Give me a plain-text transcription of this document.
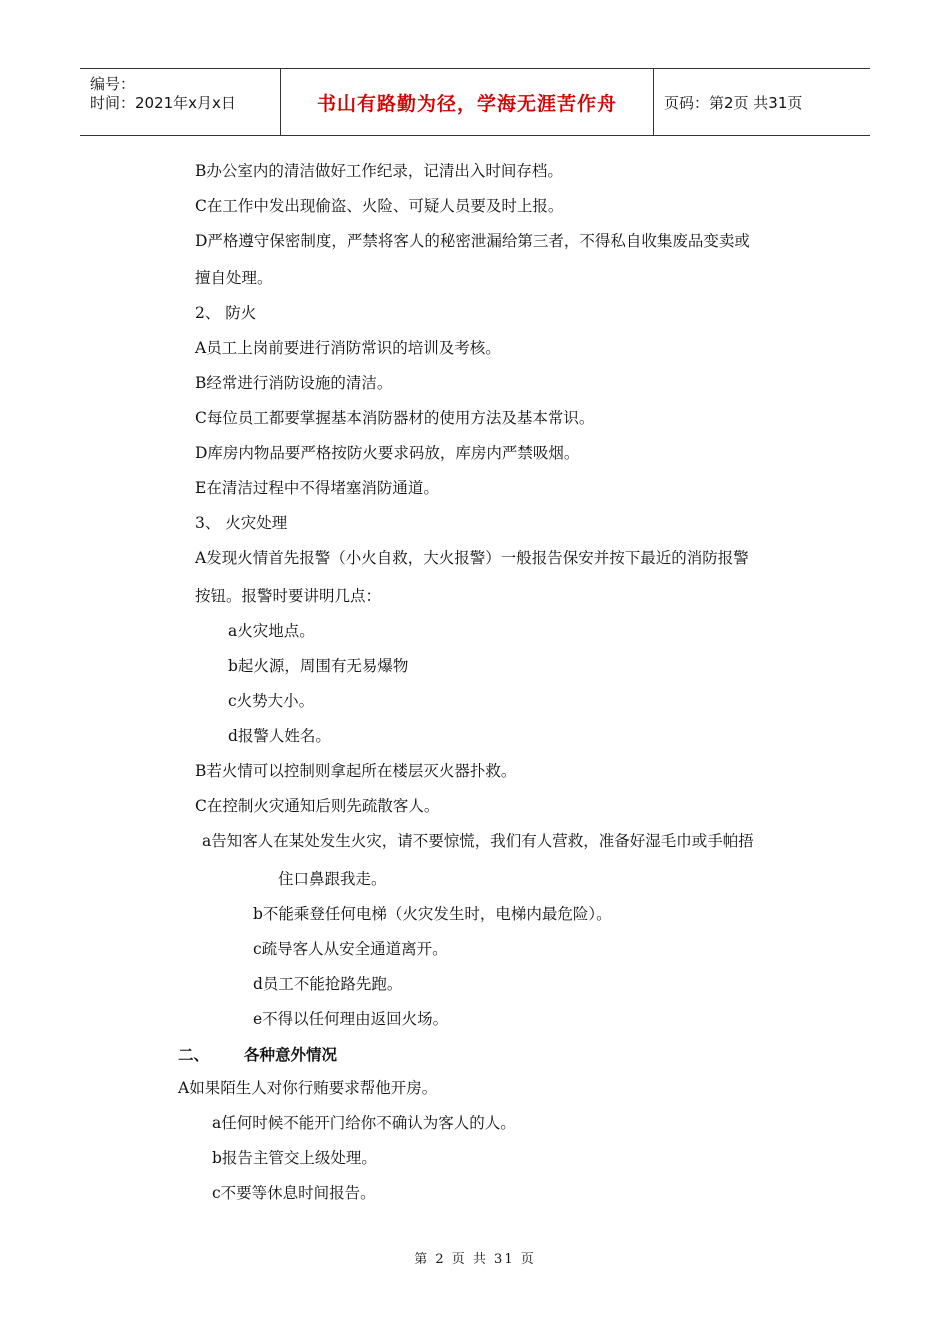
编号：
时间：2021年x月x日	书山有路勤为径，学海无涯苦作舟	页码：第2页 共31页
B办公室内的清洁做好工作纪录，记清出入时间存档。
C在工作中发出现偷盗、火险、可疑人员要及时上报。
D严格遵守保密制度，严禁将客人的秘密泄漏给第三者，不得私自收集废品变卖或
擅自处理。
2、 防火
A员工上岗前要进行消防常识的培训及考核。
B经常进行消防设施的清洁。
C每位员工都要掌握基本消防器材的使用方法及基本常识。
D库房内物品要严格按防火要求码放，库房内严禁吸烟。
E在清洁过程中不得堵塞消防通道。
3、 火灾处理
A发现火情首先报警（小火自救，大火报警）一般报告保安并按下最近的消防报警
按钮。报警时要讲明几点：
a火灾地点。
b起火源，周围有无易爆物
c火势大小。
d报警人姓名。
B若火情可以控制则拿起所在楼层灭火器扑救。
C在控制火灾通知后则先疏散客人。
a告知客人在某处发生火灾，请不要惊慌，我们有人营救，准备好湿毛巾或手帕捂
住口鼻跟我走。
b不能乘登任何电梯（火灾发生时，电梯内最危险）。
c疏导客人从安全通道离开。
d员工不能抢路先跑。
e不得以任何理由返回火场。
二、 各种意外情况
A如果陌生人对你行贿要求帮他开房。
a任何时候不能开门给你不确认为客人的人。
b报告主管交上级处理。
c不要等休息时间报告。
第 2 页 共 31 页
